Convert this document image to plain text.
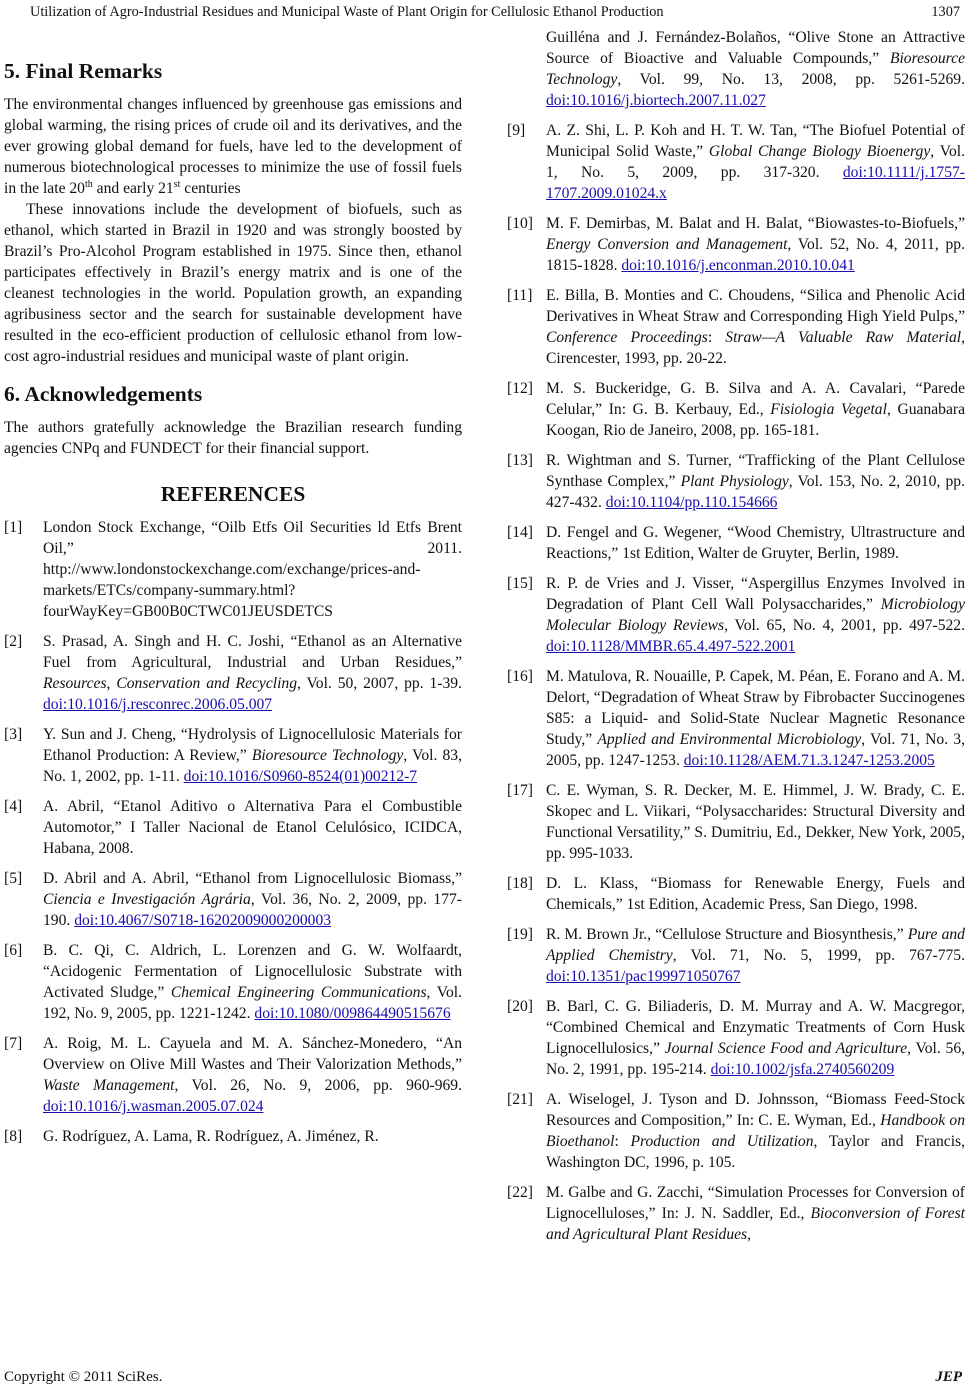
Utilization of Agro-Industrial Residues and Municipal Waste of Plant Origin for Cellulosic Ethanol Production	1307
5. Final Remarks

The environmental changes influenced by greenhouse gas emissions and global warming, the rising prices of crude oil and its derivatives, and the ever growing global demand for fuels, have led to the development of numerous biotechnological processes to minimize the use of fossil fuels in the late 20th and early 21st centuries

These innovations include the development of biofuels, such as ethanol, which started in Brazil in 1920 and was strongly boosted by Brazil’s Pro-Alcohol Program established in 1975. Since then, ethanol participates effectively in Brazil’s energy matrix and is one of the cleanest technologies in the world. Population growth, an expanding agribusiness sector and the search for sustainable development have resulted in the eco-efficient production of cellulosic ethanol from low-cost agro-industrial residues and municipal waste of plant origin.

6. Acknowledgements

The authors gratefully acknowledge the Brazilian research funding agencies CNPq and FUNDECT for their financial support.

REFERENCES
[1]	London Stock Exchange, “Oilb Etfs Oil Securities ld Etfs Brent Oil,” 2011. http://www.londonstockexchange.com/exchange/prices-and-markets/ETCs/company-summary.html?fourWayKey=GB00B0CTWC01JEUSDETCS
[2]	S. Prasad, A. Singh and H. C. Joshi, “Ethanol as an Alternative Fuel from Agricultural, Industrial and Urban Residues,” Resources, Conservation and Recycling, Vol. 50, 2007, pp. 1-39. doi:10.1016/j.resconrec.2006.05.007
[3]	Y. Sun and J. Cheng, “Hydrolysis of Lignocellulosic Materials for Ethanol Production: A Review,” Bioresource Technology, Vol. 83, No. 1, 2002, pp. 1-11. doi:10.1016/S0960-8524(01)00212-7
[4]	A. Abril, “Etanol Aditivo o Alternativa Para el Combustible Automotor,” I Taller Nacional de Etanol Celulósico, ICIDCA, Habana, 2008.
[5]	D. Abril and A. Abril, “Ethanol from Lignocellulosic Biomass,” Ciencia e Investigación Agrária, Vol. 36, No. 2, 2009, pp. 177-190. doi:10.4067/S0718-16202009000200003
[6]	B. C. Qi, C. Aldrich, L. Lorenzen and G. W. Wolfaardt, “Acidogenic Fermentation of Lignocellulosic Substrate with Activated Sludge,” Chemical Engineering Communications, Vol. 192, No. 9, 2005, pp. 1221-1242. doi:10.1080/009864490515676
[7]	A. Roig, M. L. Cayuela and M. A. Sánchez-Monedero, “An Overview on Olive Mill Wastes and Their Valorization Methods,” Waste Management, Vol. 26, No. 9, 2006, pp. 960-969. doi:10.1016/j.wasman.2005.07.024
[8]	G. Rodríguez, A. Lama, R. Rodríguez, A. Jiménez, R.
Guilléna and J. Fernández-Bolaños, “Olive Stone an Attractive Source of Bioactive and Valuable Compounds,” Bioresource Technology, Vol. 99, No. 13, 2008, pp. 5261-5269. doi:10.1016/j.biortech.2007.11.027
[9]	A. Z. Shi, L. P. Koh and H. T. W. Tan, “The Biofuel Potential of Municipal Solid Waste,” Global Change Biology Bioenergy, Vol. 1, No. 5, 2009, pp. 317-320. doi:10.1111/j.1757-1707.2009.01024.x
[10] M. F. Demirbas, M. Balat and H. Balat, “Biowastes-to-Biofuels,” Energy Conversion and Management, Vol. 52, No. 4, 2011, pp. 1815-1828. doi:10.1016/j.enconman.2010.10.041
[11] E. Billa, B. Monties and C. Choudens, “Silica and Phenolic Acid Derivatives in Wheat Straw and Corresponding High Yield Pulps,” Conference Proceedings: Straw—A Valuable Raw Material, Cirencester, 1993, pp. 20-22.
[12] M. S. Buckeridge, G. B. Silva and A. A. Cavalari, “Parede Celular,” In: G. B. Kerbauy, Ed., Fisiologia Vegetal, Guanabara Koogan, Rio de Janeiro, 2008, pp. 165-181.
[13] R. Wightman and S. Turner, “Trafficking of the Plant Cellulose Synthase Complex,” Plant Physiology, Vol. 153, No. 2, 2010, pp. 427-432. doi:10.1104/pp.110.154666
[14] D. Fengel and G. Wegener, “Wood Chemistry, Ultrastructure and Reactions,” 1st Edition, Walter de Gruyter, Berlin, 1989.
[15] R. P. de Vries and J. Visser, “Aspergillus Enzymes Involved in Degradation of Plant Cell Wall Polysaccharides,” Microbiology Molecular Biology Reviews, Vol. 65, No. 4, 2001, pp. 497-522. doi:10.1128/MMBR.65.4.497-522.2001
[16] M. Matulova, R. Nouaille, P. Capek, M. Péan, E. Forano and A. M. Delort, “Degradation of Wheat Straw by Fibrobacter Succinogenes S85: a Liquid- and Solid-State Nuclear Magnetic Resonance Study,” Applied and Environmental Microbiology, Vol. 71, No. 3, 2005, pp. 1247-1253. doi:10.1128/AEM.71.3.1247-1253.2005
[17] C. E. Wyman, S. R. Decker, M. E. Himmel, J. W. Brady, C. E. Skopec and L. Viikari, “Polysaccharides: Structural Diversity and Functional Versatility,” S. Dumitriu, Ed., Dekker, New York, 2005, pp. 995-1033.
[18] D. L. Klass, “Biomass for Renewable Energy, Fuels and Chemicals,” 1st Edition, Academic Press, San Diego, 1998.
[19] R. M. Brown Jr., “Cellulose Structure and Biosynthesis,” Pure and Applied Chemistry, Vol. 71, No. 5, 1999, pp. 767-775. doi:10.1351/pac199971050767
[20] B. Barl, C. G. Biliaderis, D. M. Murray and A. W. Macgregor, “Combined Chemical and Enzymatic Treatments of Corn Husk Lignocellulosics,” Journal Science Food and Agriculture, Vol. 56, No. 2, 1991, pp. 195-214. doi:10.1002/jsfa.2740560209
[21] A. Wiselogel, J. Tyson and D. Johnsson, “Biomass Feed-Stock Resources and Composition,” In: C. E. Wyman, Ed., Handbook on Bioethanol: Production and Utilization, Taylor and Francis, Washington DC, 1996, p. 105.
[22] M. Galbe and G. Zacchi, “Simulation Processes for Conversion of Lignocelluloses,” In: J. N. Saddler, Ed., Bioconversion of Forest and Agricultural Plant Residues,
Copyright © 2011 SciRes.	JEP
